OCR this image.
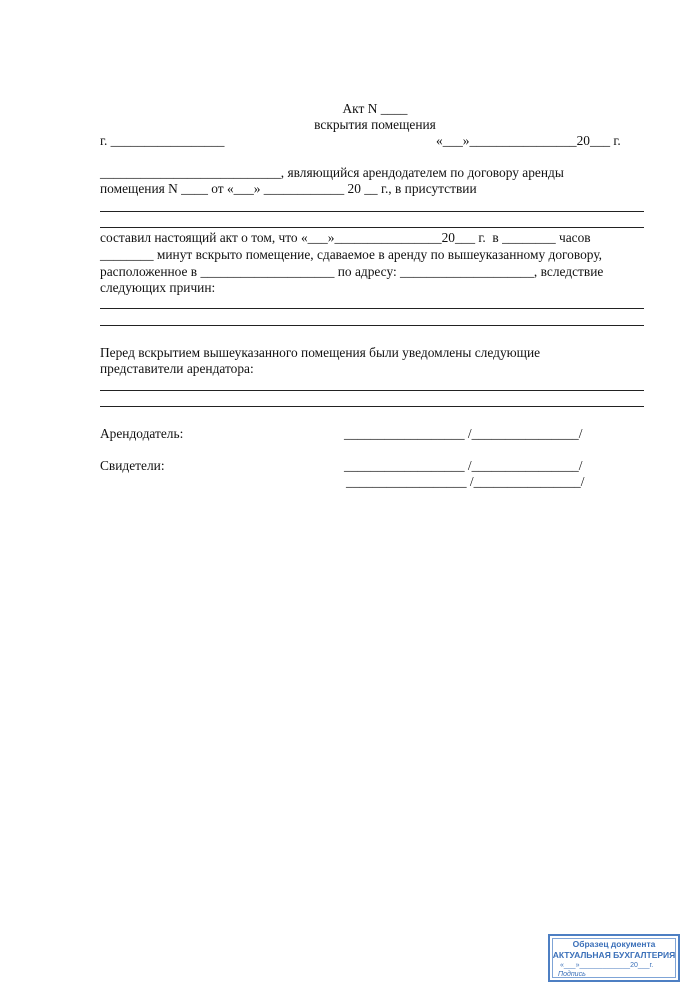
Акт N ____
вскрытия помещения
г. _________________	«___»________________20___ г.
___________________________, являющийся арендодателем по договору аренды
помещения N ____ от «___» ____________ 20 __ г., в присутствии
составил настоящий акт о том, что «___»________________20___ г.  в ________ часов
________ минут вскрыто помещение, сдаваемое в аренду по вышеуказанному договору,
расположенное в ____________________ по адресу: ____________________, вследствие
следующих причин:
Перед вскрытием вышеуказанного помещения были уведомлены следующие
представители арендатора:
Арендодатель:	__________________ /________________/
Свидетели:	__________________ /________________/
__________________ /________________/
Образец документа
АКТУАЛЬНАЯ БУХГАЛТЕРИЯ
«___»_____________20___г.
Подпись
